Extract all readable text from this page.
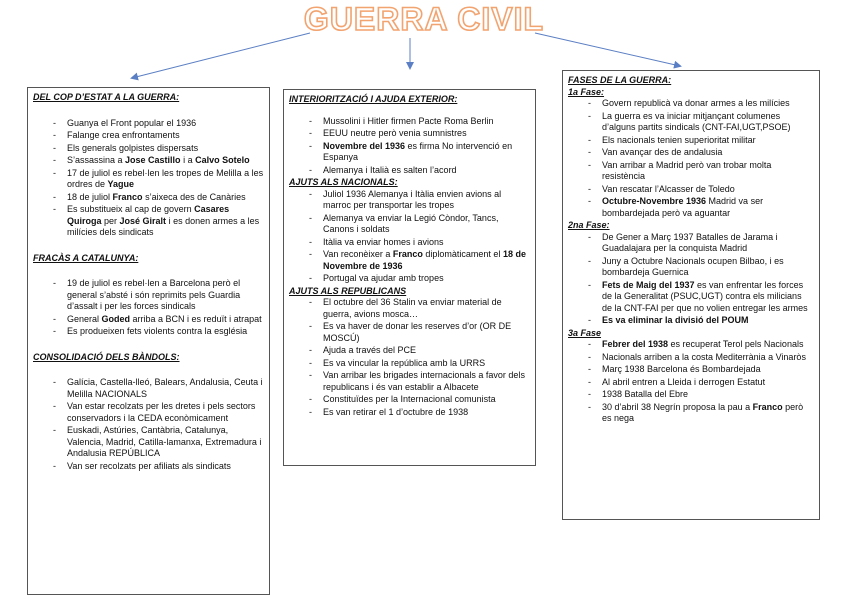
GUERRA CIVIL

DEL COP D’ESTAT A LA GUERRA:

- Guanya el Front popular el 1936
- Falange crea enfrontaments
- Els generals golpistes dispersats
- S’assassina a Jose Castillo i a Calvo Sotelo
- 17 de juliol es rebel·len les tropes de Melilla a les ordres de Yague
- 18 de juliol Franco s’aixeca des de Canàries
- Es substitueix al cap de govern Casares Quiroga per José Giralt i es donen armes a les milícies dels sindicats

FRACÀS A CATALUNYA:

- 19 de juliol es rebel·len a Barcelona però el general s’absté i són reprimits pels Guardia d’assalt i per les forces sindicals
- General Goded arriba a BCN i es reduït i atrapat
- Es produeixen fets violents contra la església

CONSOLIDACIÓ DELS BÀNDOLS:

- Galícia, Castella-lleó, Balears, Andalusia, Ceuta i Melilla NACIONALS
- Van estar recolzats per les dretes i pels sectors conservadors i la CEDA econòmicament
- Euskadi, Astúries, Cantàbria, Catalunya, Valencia, Madrid, Catilla-lamanxa, Extremadura i Andalusia REPÚBLICA
- Van ser recolzats per afiliats als sindicats

INTERIORITZACIÓ I AJUDA EXTERIOR:

- Mussolini i Hitler firmen Pacte Roma Berlin
- EEUU neutre però venia sumnistres
- Novembre del 1936 es firma No intervenció en Espanya
- Alemanya i Italià es salten l’acord

AJUTS ALS NACIONALS:

- Juliol 1936 Alemanya i Itàlia envien avions al marroc per transportar les tropes
- Alemanya va enviar la Legió Còndor, Tancs, Canons i soldats
- Itàlia va enviar homes i avions
- Van reconèixer a Franco diplomàticament el 18 de Novembre de 1936
- Portugal va ajudar amb tropes

AJUTS ALS REPUBLICANS

- El octubre del 36 Stalin va enviar material de guerra, avions mosca…
- Es va haver de donar les reserves d’or (OR DE MOSCÚ)
- Ajuda a través del PCE
- Es va vincular la república amb la URRS
- Van arribar les brigades internacionals a favor dels republicans i és van establir a Albacete
- Constituïdes per la Internacional comunista
- Es van retirar el 1 d’octubre de 1938

FASES DE LA GUERRA:

1a Fase:

- Govern republicà va donar armes a les milícies
- La guerra es va iniciar mitjançant columenes d’alguns partits sindicals (CNT-FAI,UGT,PSOE)
- Els nacionals tenien superioritat militar
- Van avançar des de andalusia
- Van arribar a Madrid però van trobar molta resistència
- Van rescatar l’Alcasser de Toledo
- Octubre-Novembre 1936 Madrid va ser bombardejada però va aguantar

2na Fase:

- De Gener a Març 1937 Batalles de Jarama i Guadalajara per la conquista Madrid
- Juny a Octubre Nacionals ocupen Bilbao, i es bombardeja Guernica
- Fets de Maig del 1937 es van enfrentar les forces de la Generalitat (PSUC,UGT) contra els milicians de la CNT-FAI per que no volien entregar les armes
- Es va eliminar la divisió del POUM

3a Fase

- Febrer del 1938 es recuperat Terol pels Nacionals
- Nacionals arriben a la costa Mediterrània a Vinaròs
- Març 1938 Barcelona és Bombardejada
- Al abril entren a Lleida i derrogen Estatut
- 1938 Batalla del Ebre
- 30 d’abril 38 Negrín proposa la pau a Franco però es nega
